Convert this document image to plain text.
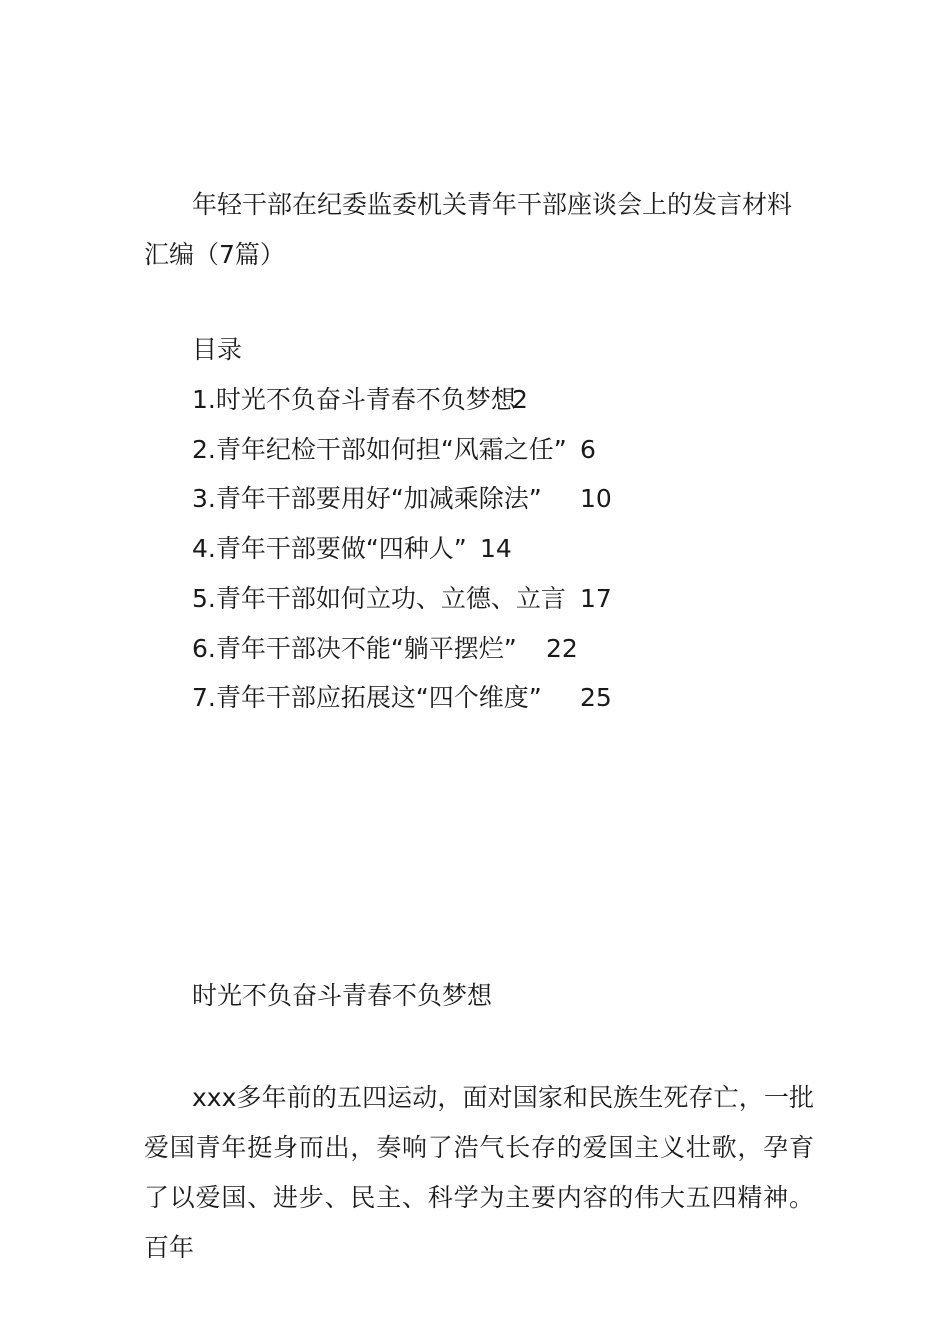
年轻干部在纪委监委机关青年干部座谈会上的发言材料汇编（7篇）
目录
1.时光不负奋斗青春不负梦想
2
2.青年纪检干部如何担“风霜之任” 6
3.青年干部要用好“加减乘除法” 10
4.青年干部要做“四种人” 14
5.青年干部如何立功、立德、立言 17
6.青年干部决不能“躺平摆烂” 22
7.青年干部应拓展这“四个维度” 25
时光不负奋斗青春不负梦想

xxx多年前的五四运动，面对国家和民族生死存亡，一批爱国青年挺身而出，奏响了浩气长存的爱国主义壮歌，孕育了以爱国、进步、民主、科学为主要内容的伟大五四精神。百年
